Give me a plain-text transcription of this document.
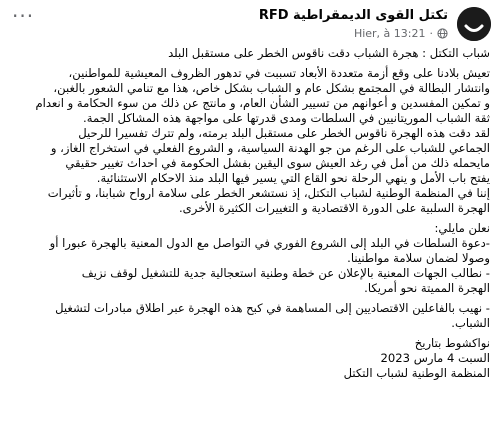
···	تكتل القوى الديمقراطية RFD
Hier, à 13:21 ·

شباب التكتل : هجرة الشباب دقت ناقوس الخطر على مستقبل البلد

تعيش بلادنا على وقع أزمة متعددة الأبعاد تسببت في تدهور الظروف المعيشية للمواطنين،
وانتشار البطالة في المجتمع بشكل عام و الشباب بشكل خاص، هذا مع تنامي الشعور بالغبن،
و تمكين المفسدين و أعوانهم من تسيير الشأن العام، و مانتج عن ذلك من سوء الحكامة و انعدام
ثقة الشباب الموريتانيين في السلطات ومدى قدرتها على مواجهة هذه المشاكل الجمة.
لقد دقت هذه الهجرة ناقوس الخطر على مستقبل البلد برمته، ولم تترك تفسيرا للرحيل
الجماعي للشباب على الرغم من جو الهدنة السياسية، و الشروع الفعلي في استخراج الغاز، و
مايحمله ذلك من أمل في رغد العيش سوى اليقين بفشل الحكومة في احداث تغيير حقيقي
يفتح باب الأمل و ينهي الرحلة نحو القاع التي يسير فيها البلد منذ الاحكام الاستثنائية.
إننا في المنظمة الوطنية لشباب التكتل، إذ نستشعر الخطر على سلامة ارواح شبابنا، و تأثيرات
الهجرة السلبية على الدورة الاقتصادية و التغييرات الكثيرة الأخرى.

نعلن مايلي:
-دعوة السلطات في البلد إلى الشروع الفوري في التواصل مع الدول المعنية بالهجرة عبورا أو
وصولا لضمان سلامة مواطنينا.
- نطالب الجهات المعنية بالإعلان عن خطة وطنية استعجالية جدية للتشغيل لوقف نزيف
الهجرة المميتة نحو أمريكا.

- نهيب بالفاعلين الاقتصاديين إلى المساهمة في كبح هذه الهجرة عبر اطلاق مبادرات لتشغيل
الشباب.

نواكشوط بتاريخ
السبت 4 مارس 2023
المنظمة الوطنية لشباب التكتل
